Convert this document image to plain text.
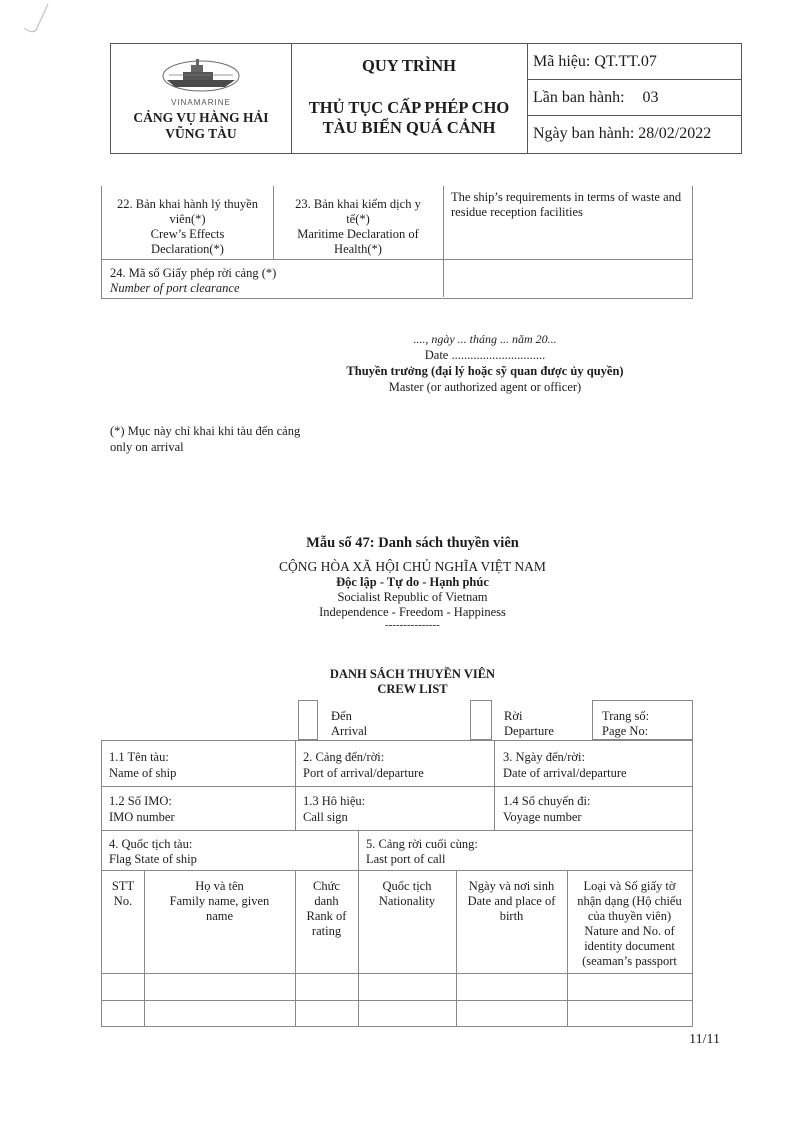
VINAMARINE
CẢNG VỤ HÀNG HẢI
VŨNG TÀU
QUY TRÌNH
THỦ TỤC CẤP PHÉP CHO
TÀU BIỂN QUÁ CẢNH
Mã hiệu: QT.TT.07
Lần ban hành: 03
Ngày ban hành: 28/02/2022
22. Bản khai hành lý thuyền
viên(*)
Crew’s Effects
Declaration(*)
23. Bản khai kiểm dịch y
tế(*)
Maritime Declaration of
Health(*)
The ship’s requirements in terms of waste and
residue reception facilities
24. Mã số Giấy phép rời cảng (*)
Number of port clearance
...., ngày ... tháng ... năm 20...
Date ..............................
Thuyền trưởng (đại lý hoặc sỹ quan được ủy quyền)
Master (or authorized agent or officer)
(*) Mục này chỉ khai khi tàu đến cảng
only on arrival
Mẫu số 47: Danh sách thuyền viên
CỘNG HÒA XÃ HỘI CHỦ NGHĨA VIỆT NAM
Độc lập - Tự do - Hạnh phúc
Socialist Republic of Vietnam
Independence - Freedom - Happiness
---------------
DANH SÁCH THUYỀN VIÊN
CREW LIST
Đến
Arrival
Rời
Departure
Trang số:
Page No:
1.1 Tên tàu:
Name of ship
2. Cảng đến/rời:
Port of arrival/departure
3. Ngày đến/rời:
Date of arrival/departure
1.2 Số IMO:
IMO number
1.3 Hô hiệu:
Call sign
1.4 Số chuyến đi:
Voyage number
4. Quốc tịch tàu:
Flag State of ship
5. Cảng rời cuối cùng:
Last port of call
STT
No.
Họ và tên
Family name, given
name
Chức
danh
Rank of
rating
Quốc tịch
Nationality
Ngày và nơi sinh
Date and place of
birth
Loại và Số giấy tờ
nhận dạng (Hộ chiếu
của thuyền viên)
Nature and No. of
identity document
(seaman’s passport
11/11
